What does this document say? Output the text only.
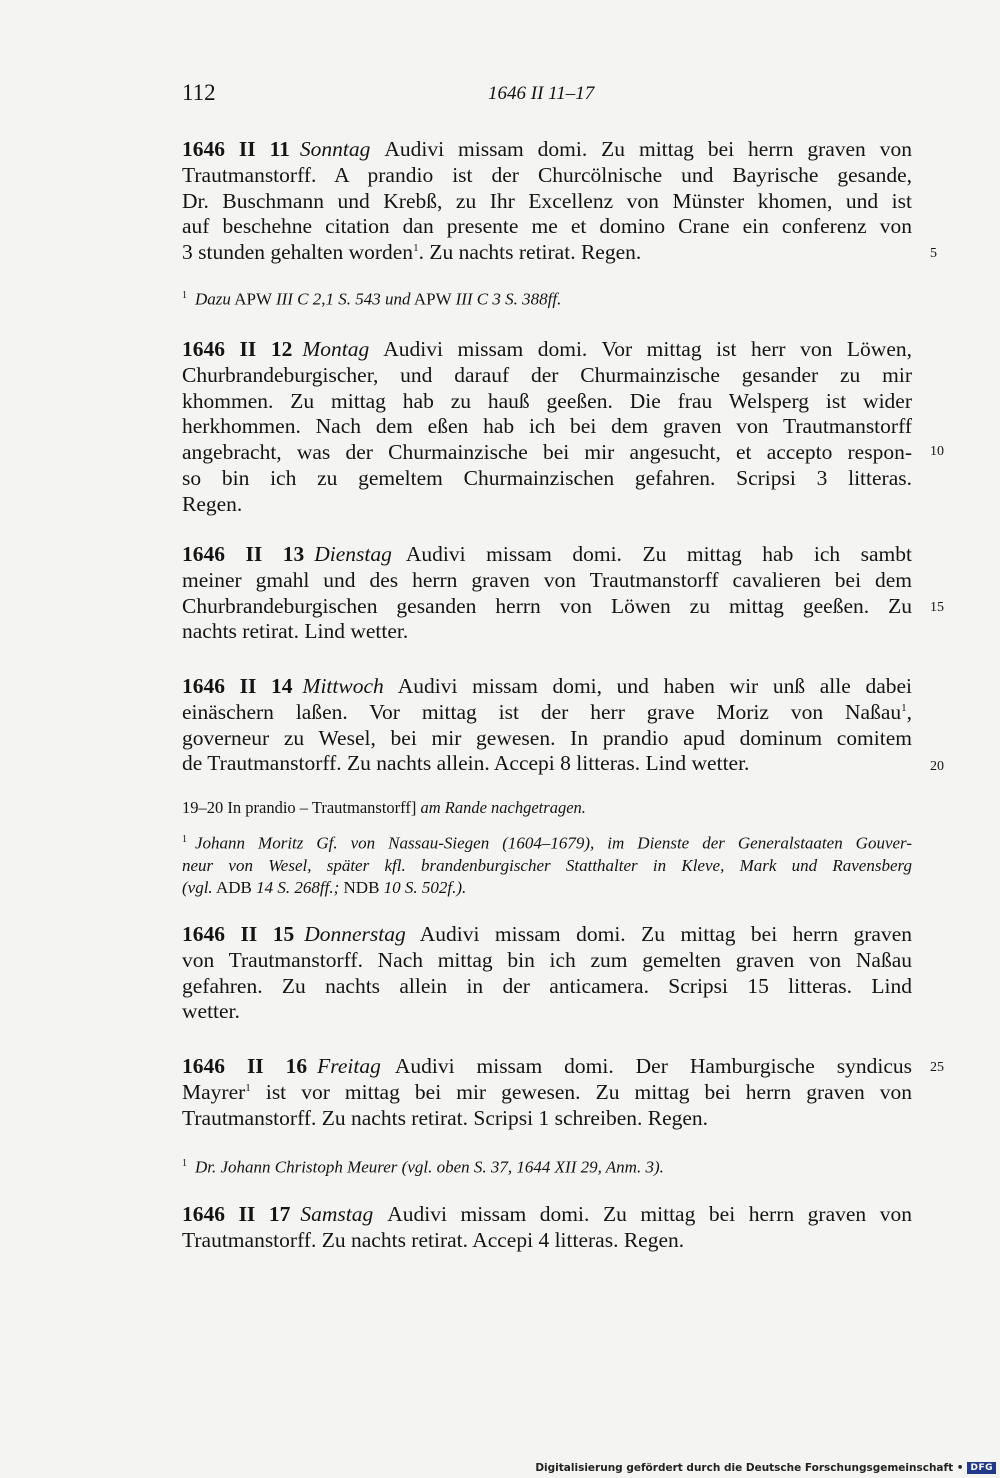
112	1646 II 11–17
1646 II 11 Sonntag Audivi missam domi. Zu mittag bei herrn graven von
Trautmanstorff. A prandio ist der Churcölnische und Bayrische gesande,
Dr. Buschmann und Krebß, zu Ihr Excellenz von Münster khomen, und ist
auf beschehne citation dan presente me et domino Crane ein conferenz von
3 stunden gehalten worden$^1$. Zu nachts retirat. Regen.	5
$^1$ Dazu APW III C 2,1 S. 543 und APW III C 3 S. 388ff.
1646 II 12 Montag Audivi missam domi. Vor mittag ist herr von Löwen,
Churbrandeburgischer, und darauf der Churmainzische gesander zu mir
khommen. Zu mittag hab zu hauß geeßen. Die frau Welsperg ist wider
herkhommen. Nach dem eßen hab ich bei dem graven von Trautmanstorff
angebracht, was der Churmainzische bei mir angesucht, et accepto respon-
so bin ich zu gemeltem Churmainzischen gefahren. Scripsi 3 litteras.
Regen.
10
1646 II 13 Dienstag Audivi missam domi. Zu mittag hab ich sambt
meiner gmahl und des herrn graven von Trautmanstorff cavalieren bei dem
Churbrandeburgischen gesanden herrn von Löwen zu mittag geeßen. Zu
nachts retirat. Lind wetter.
15
1646 II 14 Mittwoch Audivi missam domi, und haben wir unß alle dabei
einäschern laßen. Vor mittag ist der herr grave Moriz von Naßau$^1$,
governeur zu Wesel, bei mir gewesen. In prandio apud dominum comitem
de Trautmanstorff. Zu nachts allein. Accepi 8 litteras. Lind wetter.	20
19–20 In prandio – Trautmanstorff] am Rande nachgetragen.
$^1$ Johann Moritz Gf. von Nassau-Siegen (1604–1679), im Dienste der Generalstaaten Gouver-
neur von Wesel, später kfl. brandenburgischer Statthalter in Kleve, Mark und Ravensberg
(vgl. ADB 14 S. 268ff.; NDB 10 S. 502f.).
1646 II 15 Donnerstag Audivi missam domi. Zu mittag bei herrn graven
von Trautmanstorff. Nach mittag bin ich zum gemelten graven von Naßau
gefahren. Zu nachts allein in der anticamera. Scripsi 15 litteras. Lind
wetter.
1646 II 16 Freitag Audivi missam domi. Der Hamburgische syndicus
Mayrer$^1$ ist vor mittag bei mir gewesen. Zu mittag bei herrn graven von
Trautmanstorff. Zu nachts retirat. Scripsi 1 schreiben. Regen.
25
$^1$ Dr. Johann Christoph Meurer (vgl. oben S. 37, 1644 XII 29, Anm. 3).
1646 II 17 Samstag Audivi missam domi. Zu mittag bei herrn graven von
Trautmanstorff. Zu nachts retirat. Accepi 4 litteras. Regen.
Digitalisierung gefördert durch die Deutsche Forschungsgemeinschaft • DFG
